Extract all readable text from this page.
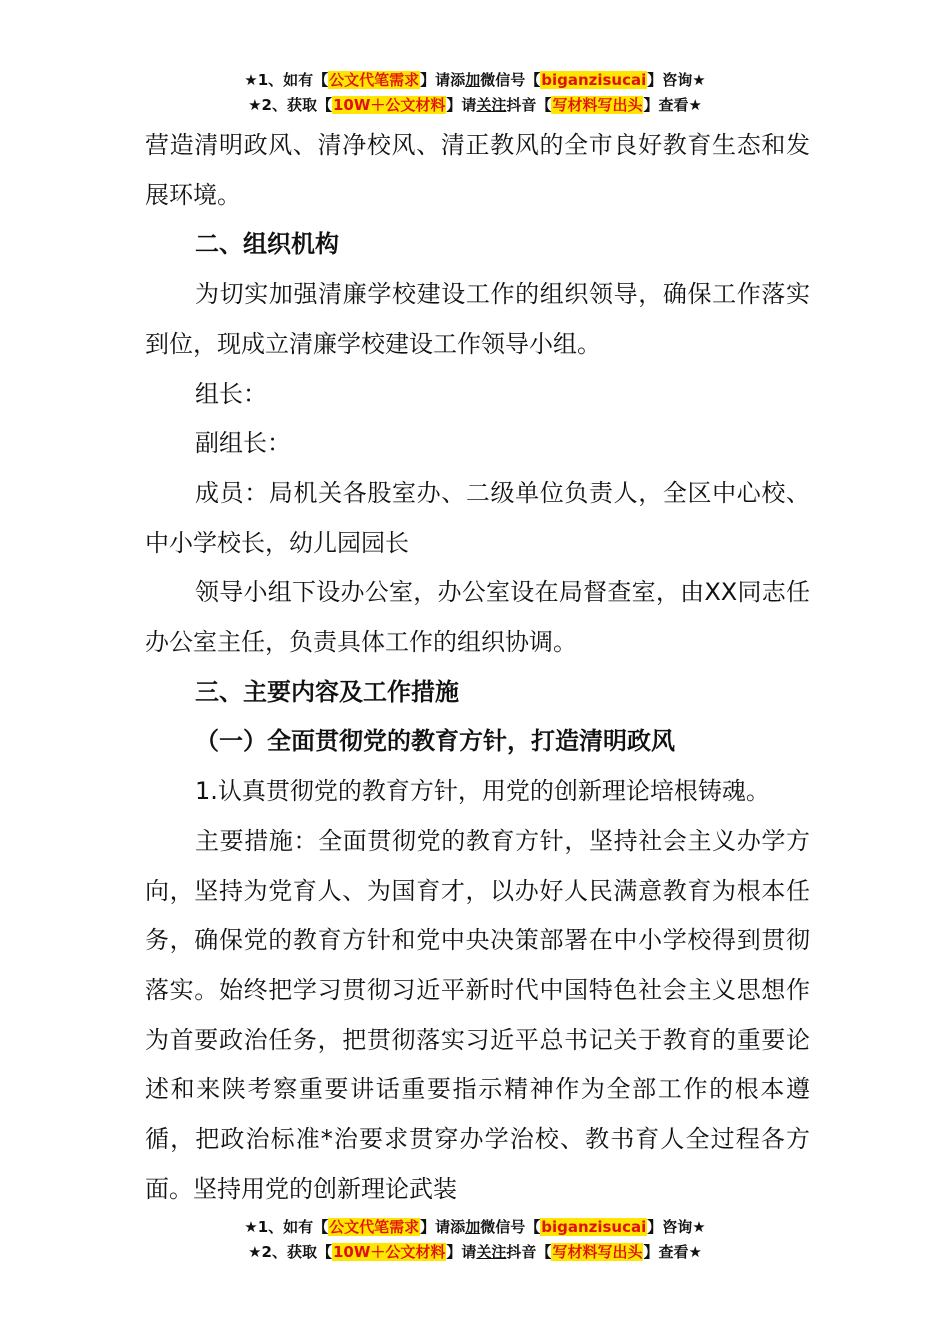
★1、如有【公文代笔需求】请添加微信号【biganzisucai】咨询★
★2、获取【10W＋公文材料】请关注抖音【写材料写出头】查看★

营造清明政风、清净校风、清正教风的全市良好教育生态和发展环境。

二、组织机构

为切实加强清廉学校建设工作的组织领导，确保工作落实到位，现成立清廉学校建设工作领导小组。

组长：

副组长：

成员：局机关各股室办、二级单位负责人，全区中心校、中小学校长，幼儿园园长

领导小组下设办公室，办公室设在局督查室，由XX同志任办公室主任，负责具体工作的组织协调。

三、主要内容及工作措施

（一）全面贯彻党的教育方针，打造清明政风

1.认真贯彻党的教育方针，用党的创新理论培根铸魂。

主要措施：全面贯彻党的教育方针，坚持社会主义办学方向，坚持为党育人、为国育才，以办好人民满意教育为根本任务，确保党的教育方针和党中央决策部署在中小学校得到贯彻落实。始终把学习贯彻习近平新时代中国特色社会主义思想作为首要政治任务，把贯彻落实习近平总书记关于教育的重要论述和来陕考察重要讲话重要指示精神作为全部工作的根本遵循，把政治标准*治要求贯穿办学治校、教书育人全过程各方面。坚持用党的创新理论武装

★1、如有【公文代笔需求】请添加微信号【biganzisucai】咨询★
★2、获取【10W＋公文材料】请关注抖音【写材料写出头】查看★
